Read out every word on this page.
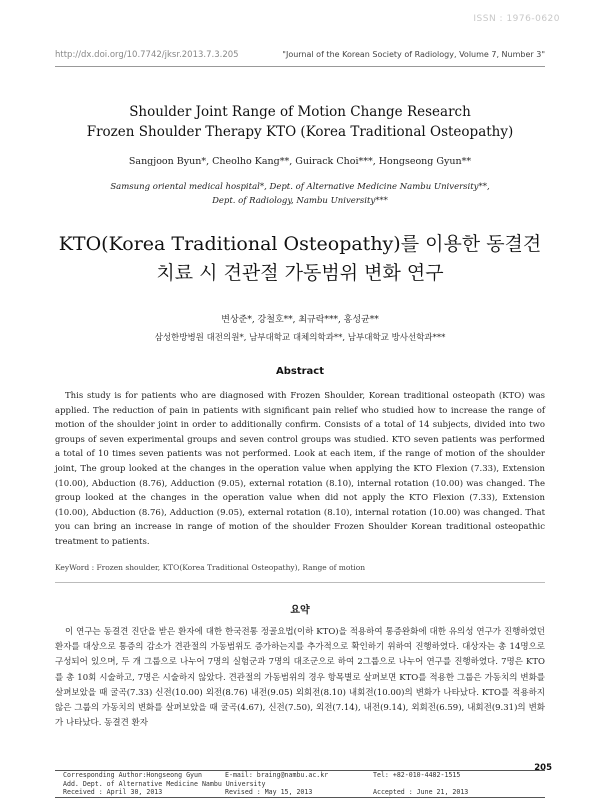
ISSN : 1976-0620
http://dx.doi.org/10.7742/jksr.2013.7.3.205	"Journal of the Korean Society of Radiology, Volume 7, Number 3"
Shoulder Joint Range of Motion Change Research
Frozen Shoulder Therapy KTO (Korea Traditional Osteopathy)
Sangjoon Byun*, Cheolho Kang**, Guirack Choi***, Hongseong Gyun**
Samsung oriental medical hospital*, Dept. of Alternative Medicine Nambu University**,
Dept. of Radiology, Nambu University***
KTO(Korea Traditional Osteopathy)를 이용한 동결견
치료 시 견관절 가동범위 변화 연구
변상준*, 강철호**, 최규락***, 홍성균**
삼성한방병원 대전의원*, 남부대학교 대체의학과**, 남부대학교 방사선학과***
Abstract
This study is for patients who are diagnosed with Frozen Shoulder, Korean traditional osteopath (KTO) was applied. The reduction of pain in patients with significant pain relief who studied how to increase the range of motion of the shoulder joint in order to additionally confirm. Consists of a total of 14 subjects, divided into two groups of seven experimental groups and seven control groups was studied. KTO seven patients was performed a total of 10 times seven patients was not performed. Look at each item, if the range of motion of the shoulder joint, The group looked at the changes in the operation value when applying the KTO Flexion (7.33), Extension (10.00), Abduction (8.76), Adduction (9.05), external rotation (8.10), internal rotation (10.00) was changed. The group looked at the changes in the operation value when did not apply the KTO Flexion (7.33), Extension (10.00), Abduction (8.76), Adduction (9.05), external rotation (8.10), internal rotation (10.00) was changed. That you can bring an increase in range of motion of the shoulder Frozen Shoulder Korean traditional osteopathic treatment to patients.
KeyWord : Frozen shoulder, KTO(Korea Traditional Osteopathy), Range of motion
요약
이 연구는 동결견 진단을 받은 환자에 대한 한국전통 정골요법(이하 KTO)을 적용하여 통증완화에 대한 유의성 연구가 진행하였던 환자를 대상으로 통증의 감소가 견관절의 가동범위도 증가하는지를 추가적으로 확인하기 위하여 진행하였다. 대상자는 총 14명으로 구성되어 있으며, 두 개 그룹으로 나누어 7명의 실험군과 7명의 대조군으로 하여 2그룹으로 나누어 연구를 진행하였다. 7명은 KTO를 총 10회 시술하고, 7명은 시술하지 않았다. 견관절의 가동범위의 경우 항목별로 살펴보면 KTO를 적용한 그룹은 가동치의 변화를 살펴보았을 때 굴곡(7.33) 신전(10.00) 외전(8.76) 내전(9.05) 외회전(8.10) 내회전(10.00)의 변화가 나타났다. KTO를 적용하지 않은 그룹의 가동치의 변화를 살펴보았을 때 굴곡(4.67), 신전(7.50), 외전(7.14), 내전(9.14), 외회전(6.59), 내회전(9.31)의 변화가 나타났다. 동결견 환자
205
Corresponding Author:Hongseong Gyun	E-mail: braing@nambu.ac.kr	Tel: +82-010-4482-1515
Add. Dept. of Alternative Medicine Nambu University
Received : April 30, 2013	Revised : May 15, 2013	Accepted : June 21, 2013
